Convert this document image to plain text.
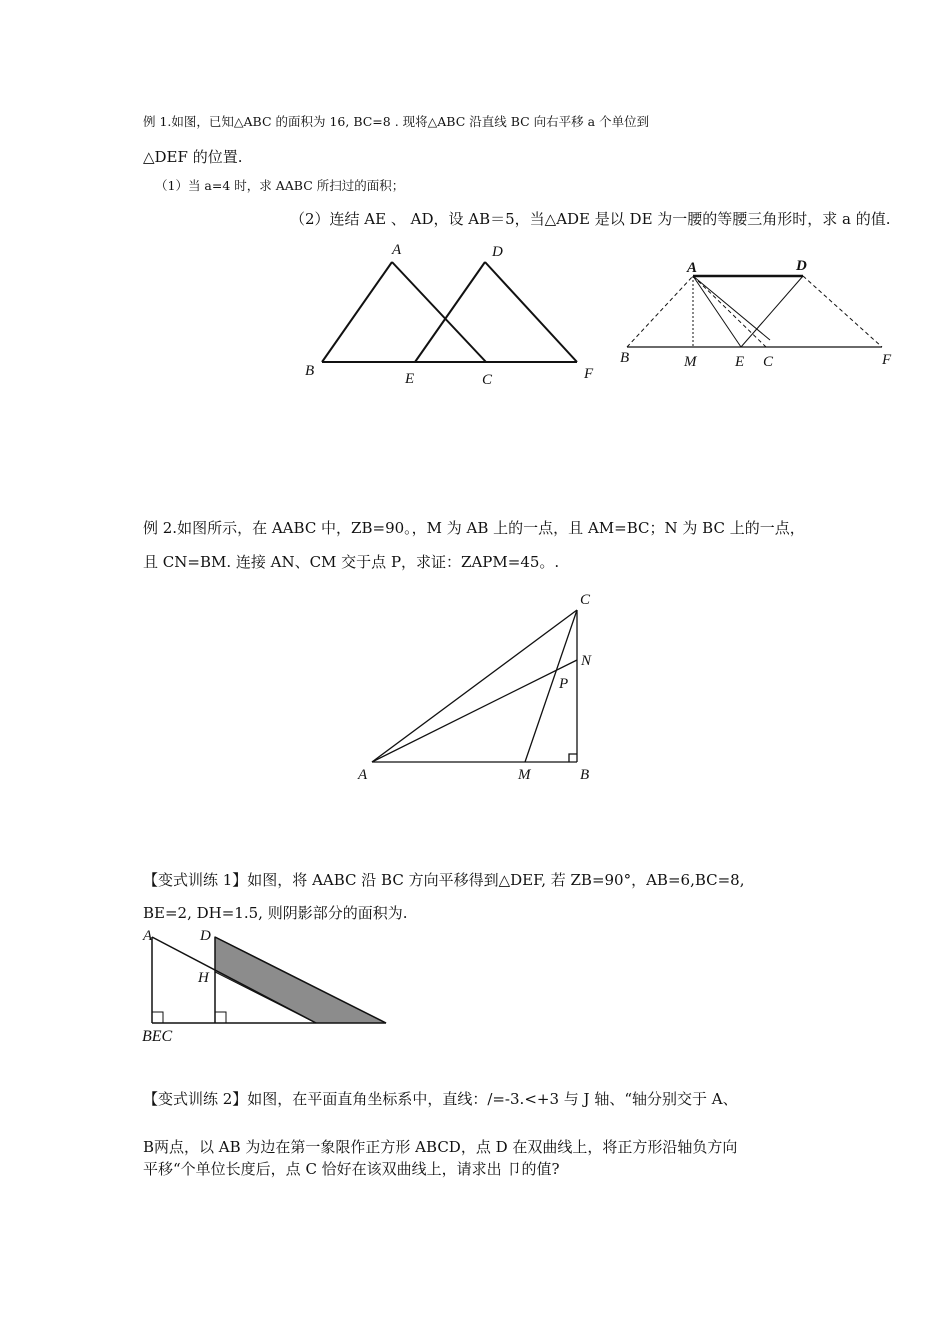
例 1.如图，已知△ABC 的面积为 16, BC=8 . 现将△ABC 沿直线 BC 向右平移 a 个单位到
△DEF 的位置.
（1）当 a=4 时，求 AABC 所扫过的面积；
（2）连结 AE 、 AD，设 AB＝5，当△ADE 是以 DE 为一腰的等腰三角形时，求 a 的值.
A	D
B	E	C	F
A	D
B	M	E C	F
C
N
P
A	M	B
A	D
H
BEC
例 2.如图所示，在 AABC 中，ZB=90。，M 为 AB 上的一点，且 AM=BC；N 为 BC 上的一点，
且 CN=BM. 连接 AN、CM 交于点 P，求证：ZAPM=45。.
【变式训练 1】如图，将 AABC 沿 BC 方向平移得到△DEF, 若 ZB=90°，AB=6,BC=8,
BE=2, DH=1.5, 则阴影部分的面积为.
【变式训练 2】如图，在平面直角坐标系中，直线：/=-3.<+3 与 J 轴、“轴分别交于 A、
B两点，以 AB 为边在第一象限作正方形 ABCD，点 D 在双曲线上，将正方形沿轴负方向
平移“个单位长度后，点 C 恰好在该双曲线上，请求出 卩的值?
